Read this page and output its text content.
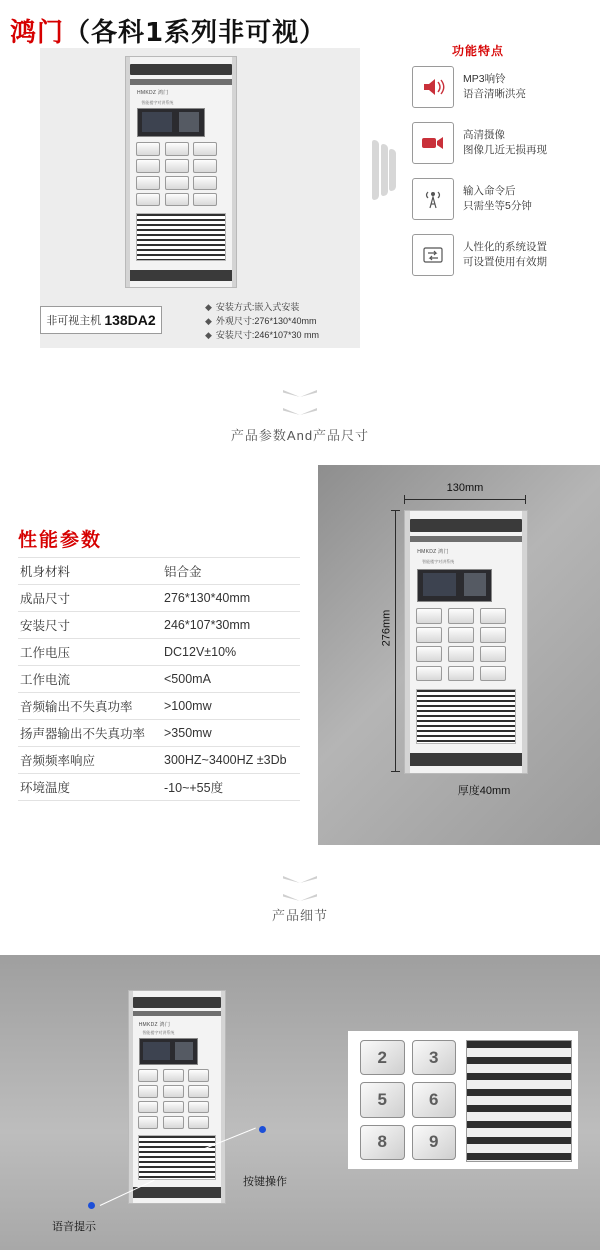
鸿门（各科1系列非可视）
HMKDZ 鸿门
智能楼宇对讲系统
非可视主机 138DA2
◆ 安装方式:嵌入式安装
◆ 外观尺寸:276*130*40mm
◆ 安装尺寸:246*107*30 mm
功能特点
MP3响铃
语音清晰洪亮
高清摄像
图像几近无损再现
输入命令后
只需坐等5分钟
人性化的系统设置
可设置使用有效期

产品参数And产品尺寸
性能参数
机身材料	铝合金
成品尺寸	276*130*40mm
安装尺寸	246*107*30mm
工作电压	DC12V±10%
工作电流	<500mA
音频输出不失真功率	>100mw
扬声器输出不失真功率	>350mw
音频频率响应	300HZ~3400HZ ±3Db
环境温度	-10~+55度
130mm
276mm
HMKDZ 鸿门
智能楼宇对讲系统
厚度40mm

产品细节
HMKDZ 鸿门
智能楼宇对讲系统
按键操作
语音提示
2	3
5	6
8	9
